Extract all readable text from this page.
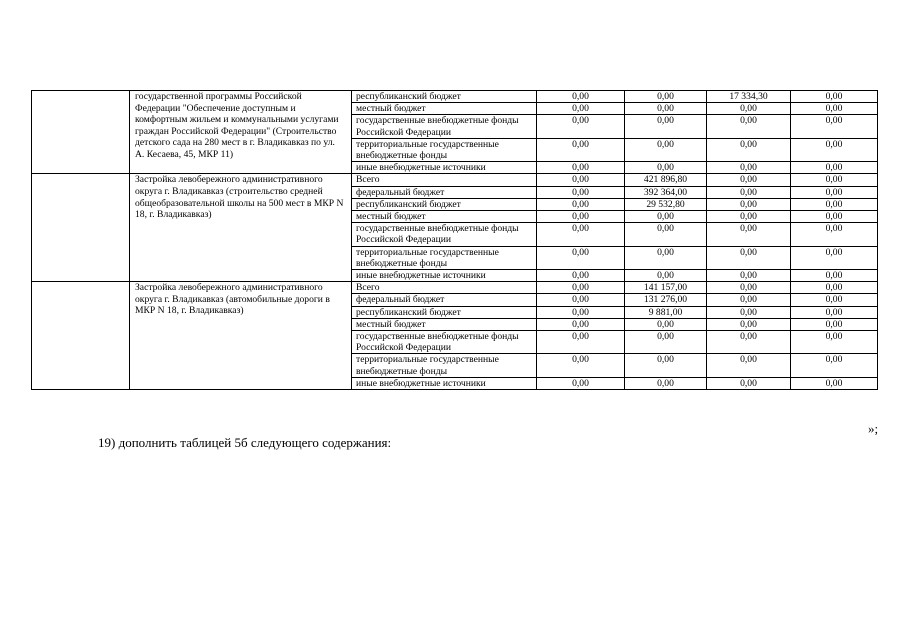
	государственной программы Российской Федерации "Обеспечение доступным и комфортным жильем и коммунальными услугами граждан Российской Федерации" (Строительство детского сада на 280 мест в г. Владикавказ по ул. А. Кесаева, 45, МКР 11)	республиканский бюджет	0,00	0,00	17 334,30	0,00
		местный бюджет	0,00	0,00	0,00	0,00
		государственные внебюджетные фонды Российской Федерации	0,00	0,00	0,00	0,00
		территориальные государственные внебюджетные фонды	0,00	0,00	0,00	0,00
		иные внебюджетные источники	0,00	0,00	0,00	0,00
	Застройка левобережного административного округа г. Владикавказ (строительство средней общеобразовательной школы на 500 мест в МКР N 18, г. Владикавказ)	Всего	0,00	421 896,80	0,00	0,00
		федеральный бюджет	0,00	392 364,00	0,00	0,00
		республиканский бюджет	0,00	29 532,80	0,00	0,00
		местный бюджет	0,00	0,00	0,00	0,00
		государственные внебюджетные фонды Российской Федерации	0,00	0,00	0,00	0,00
		территориальные государственные внебюджетные фонды	0,00	0,00	0,00	0,00
		иные внебюджетные источники	0,00	0,00	0,00	0,00
	Застройка левобережного административного округа г. Владикавказ (автомобильные дороги в МКР N 18, г. Владикавказ)	Всего	0,00	141 157,00	0,00	0,00
		федеральный бюджет	0,00	131 276,00	0,00	0,00
		республиканский бюджет	0,00	9 881,00	0,00	0,00
		местный бюджет	0,00	0,00	0,00	0,00
		государственные внебюджетные фонды Российской Федерации	0,00	0,00	0,00	0,00
		территориальные государственные внебюджетные фонды	0,00	0,00	0,00	0,00
		иные внебюджетные источники	0,00	0,00	0,00	0,00
»;
19) дополнить таблицей 5б следующего содержания:
